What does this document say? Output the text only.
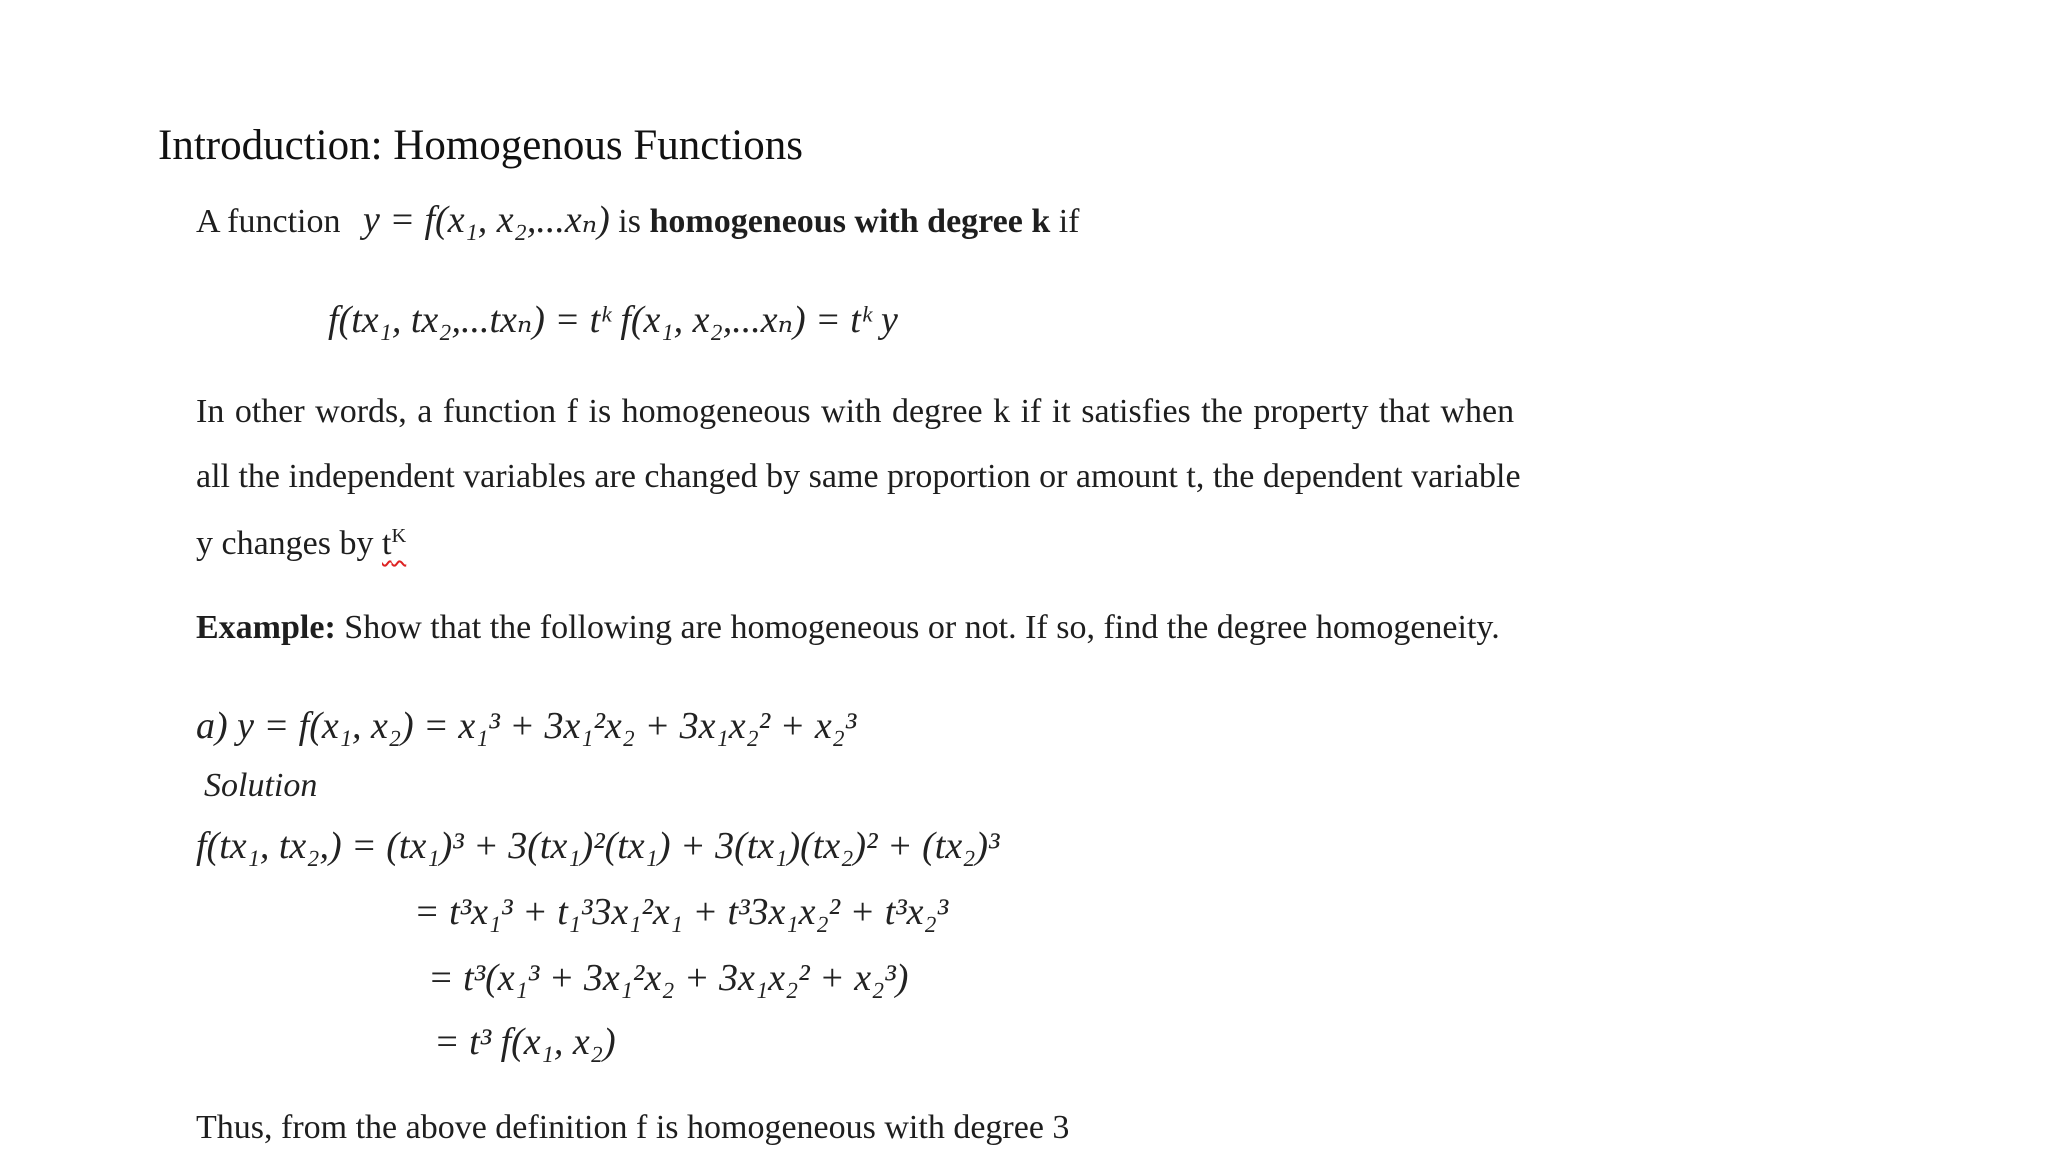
Introduction: Homogenous Functions
A function y = f(x₁, x₂,...xₙ) is homogeneous with degree k if
f(tx₁, tx₂,...txₙ) = tᵏ f(x₁, x₂,...xₙ) = tᵏ y
In other words, a function f is homogeneous with degree k if it satisfies the property that when
all the independent variables are changed by same proportion or amount t, the dependent variable
y changes by $t^K$
Example: Show that the following are homogeneous or not. If so, find the degree homogeneity.
a) y = f(x₁, x₂) = x₁³ + 3x₁²x₂ + 3x₁x₂² + x₂³
Solution
f(tx₁, tx₂,) = (tx₁)³ + 3(tx₁)²(tx₁) + 3(tx₁)(tx₂)² + (tx₂)³
= t³x₁³ + t₁³3x₁²x₁ + t³3x₁x₂² + t³x₂³
= t³(x₁³ + 3x₁²x₂ + 3x₁x₂² + x₂³)
= t³ f(x₁, x₂)
Thus, from the above definition f is homogeneous with degree 3
